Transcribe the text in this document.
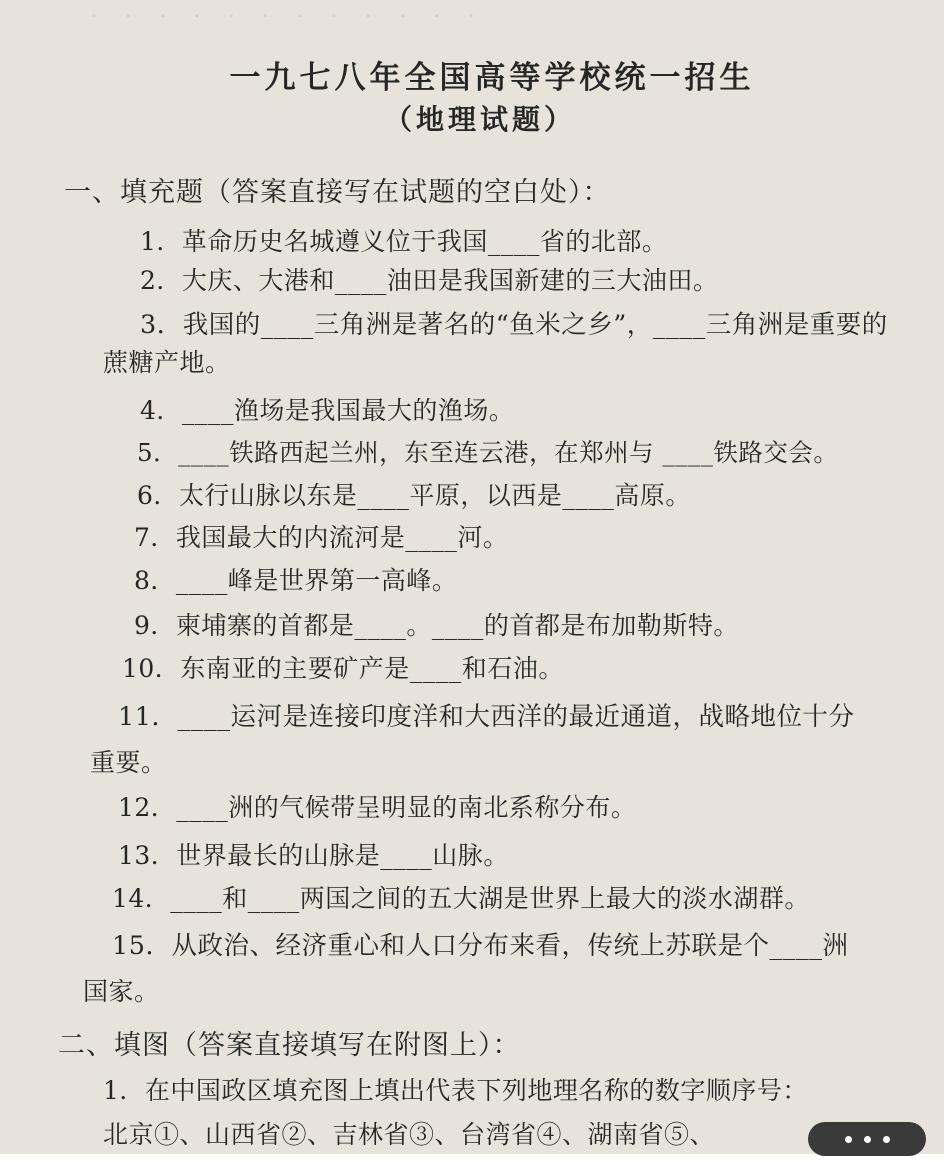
·　·　·　·　·　·　·　·　·　·　·　·
一九七八年全国高等学校统一招生
（地理试题）
一、填充题（答案直接写在试题的空白处）：
1．革命历史名城遵义位于我国____省的北部。
2．大庆、大港和____油田是我国新建的三大油田。
3．我国的____三角洲是著名的“鱼米之乡”，____三角洲是重要的
蔗糖产地。
4．____渔场是我国最大的渔场。
5．____铁路西起兰州，东至连云港，在郑州与 ____铁路交会。
6．太行山脉以东是____平原，以西是____高原。
7．我国最大的内流河是____河。
8．____峰是世界第一高峰。
9．柬埔寨的首都是____。____的首都是布加勒斯特。
10．东南亚的主要矿产是____和石油。
11．____运河是连接印度洋和大西洋的最近通道，战略地位十分
重要。
12．____洲的气候带呈明显的南北系称分布。
13．世界最长的山脉是____山脉。
14．____和____两国之间的五大湖是世界上最大的淡水湖群。
15．从政治、经济重心和人口分布来看，传统上苏联是个____洲
国家。
二、填图（答案直接填写在附图上）：
1．在中国政区填充图上填出代表下列地理名称的数字顺序号：
北京①、山西省②、吉林省③、台湾省④、湖南省⑤、
